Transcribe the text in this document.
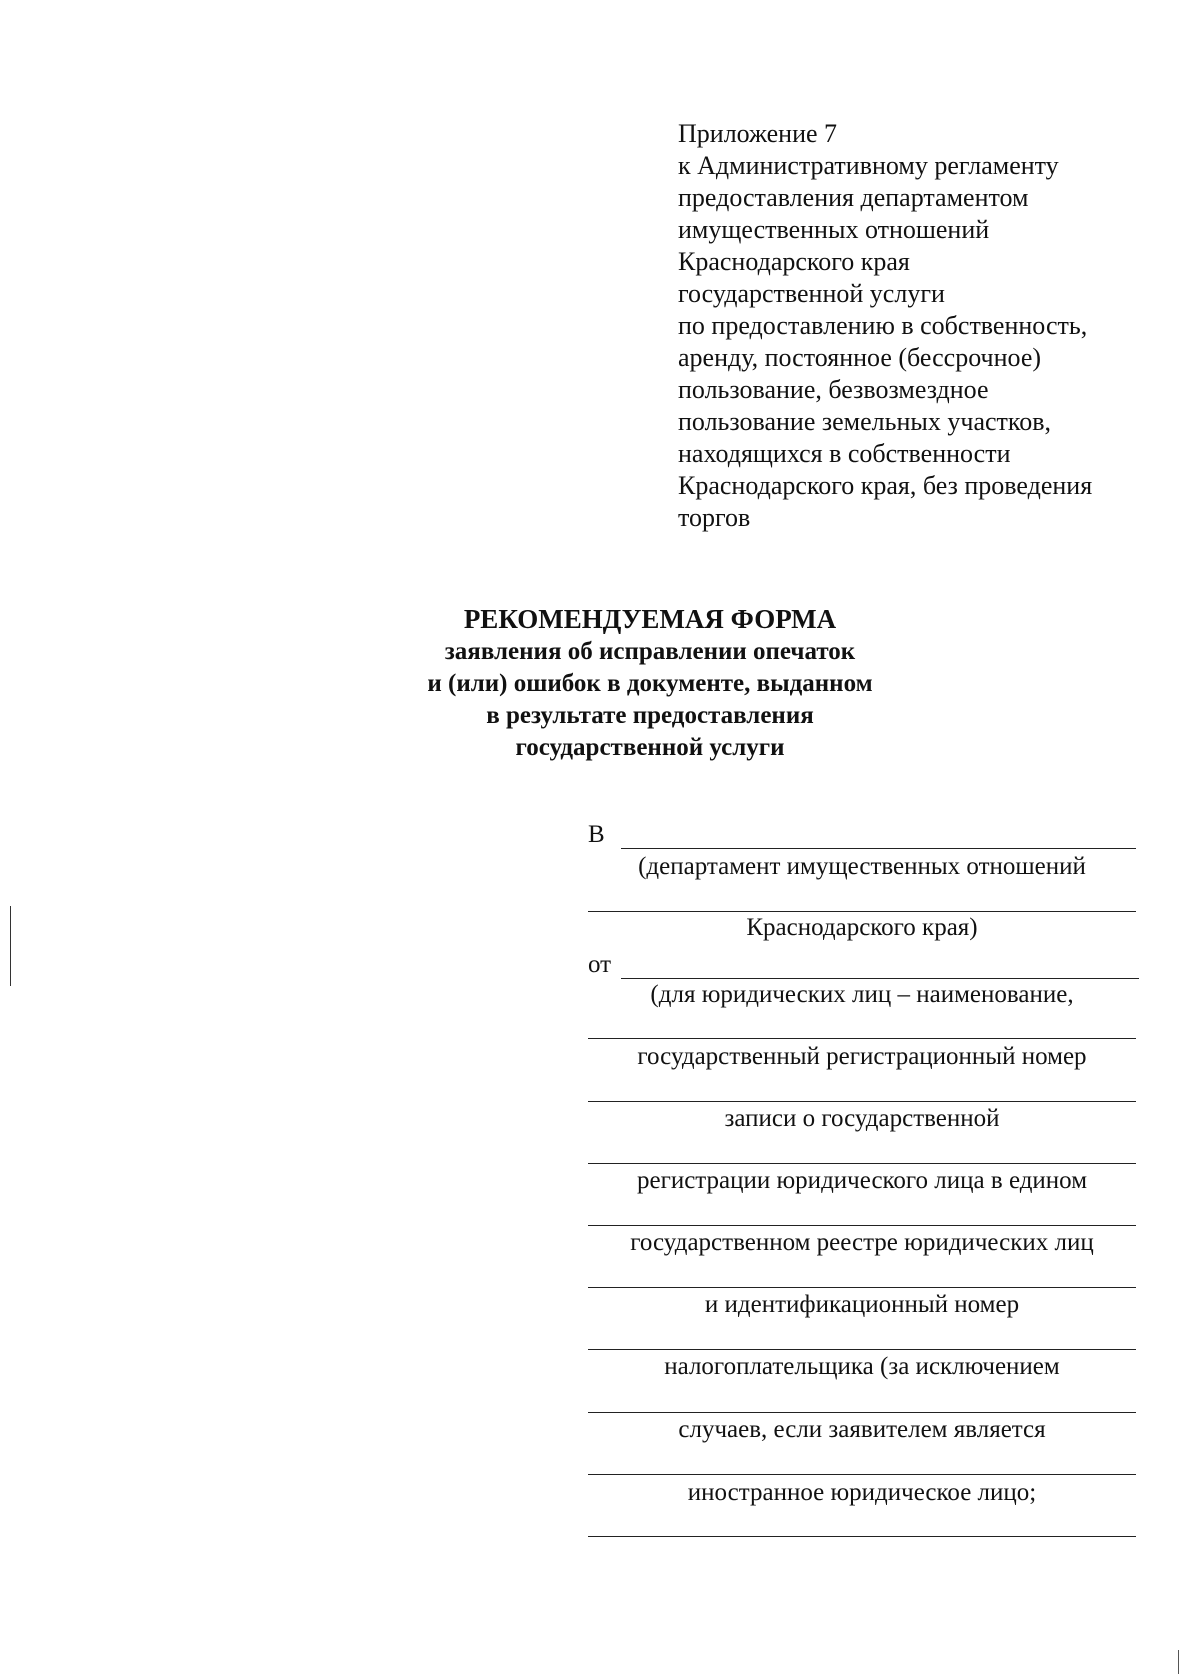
Приложение 7
к Административному регламенту
предоставления департаментом
имущественных отношений
Краснодарского края
государственной услуги
по предоставлению в собственность,
аренду, постоянное (бессрочное)
пользование, безвозмездное
пользование земельных участков,
находящихся в собственности
Краснодарского края, без проведения
торгов
РЕКОМЕНДУЕМАЯ ФОРМА
заявления об исправлении опечаток
и (или) ошибок в документе, выданном
в результате предоставления
государственной услуги
В
(департамент имущественных отношений
Краснодарского края)
от
(для юридических лиц – наименование,
государственный регистрационный номер
записи о государственной
регистрации юридического лица в едином
государственном реестре юридических лиц
и идентификационный номер
налогоплательщика (за исключением
случаев, если заявителем является
иностранное юридическое лицо;
